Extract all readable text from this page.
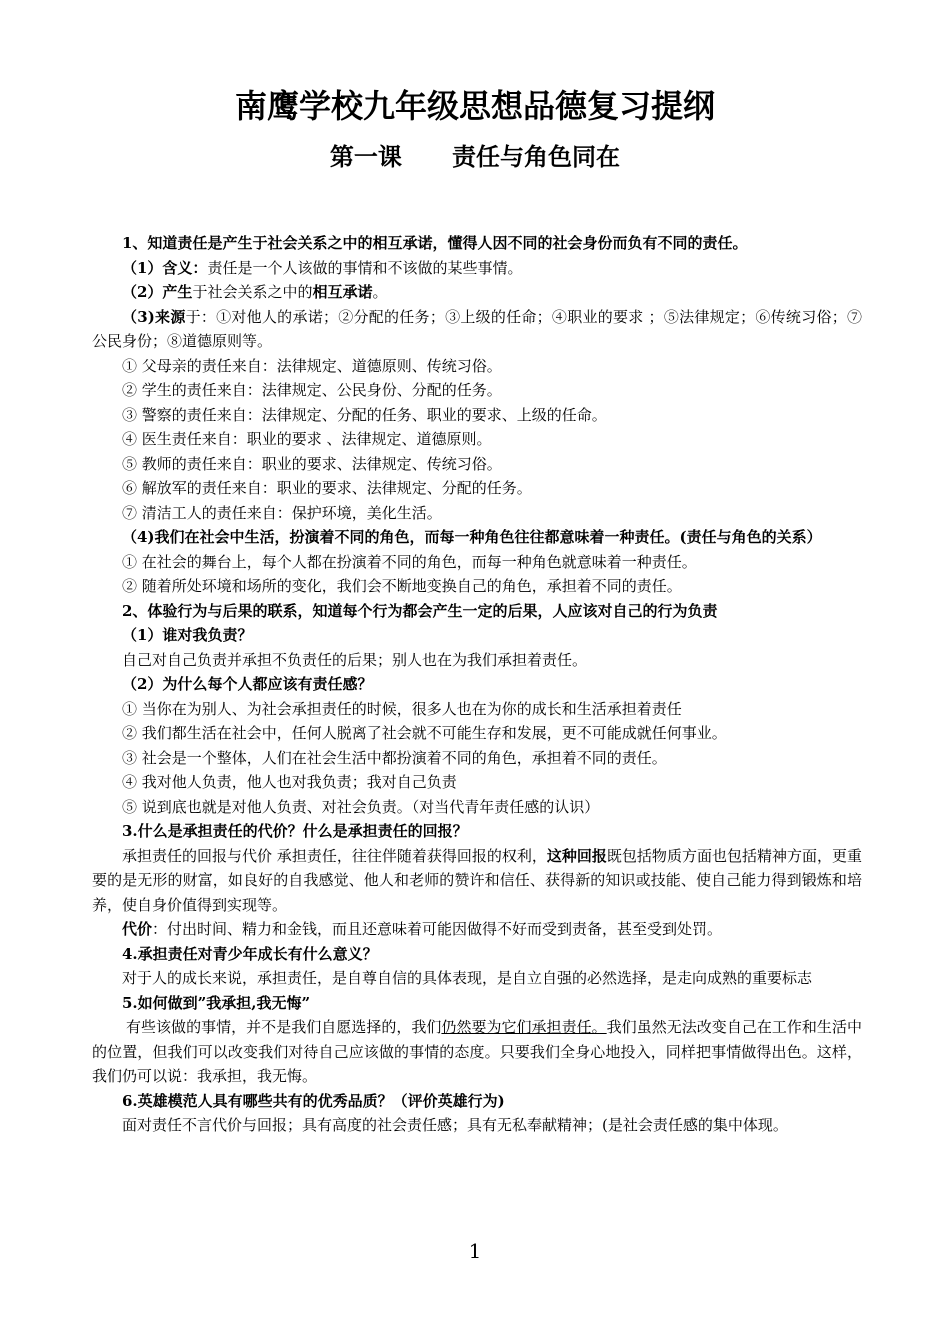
南鹰学校九年级思想品德复习提纲
第一课      责任与角色同在

1、知道责任是产生于社会关系之中的相互承诺，懂得人因不同的社会身份而负有不同的责任。

（1）含义：责任是一个人该做的事情和不该做的某些事情。

（2）产生于社会关系之中的相互承诺。

（3)来源于：①对他人的承诺；②分配的任务；③上级的任命；④职业的要求 ；⑤法律规定；⑥传统习俗；⑦公民身份；⑧道德原则等。

① 父母亲的责任来自：法律规定、道德原则、传统习俗。

② 学生的责任来自：法律规定、公民身份、分配的任务。

③ 警察的责任来自：法律规定、分配的任务、职业的要求、上级的任命。

④ 医生责任来自：职业的要求 、法律规定、道德原则。

⑤ 教师的责任来自：职业的要求、法律规定、传统习俗。

⑥ 解放军的责任来自：职业的要求、法律规定、分配的任务。

⑦ 清洁工人的责任来自：保护环境，美化生活。

（4)我们在社会中生活，扮演着不同的角色，而每一种角色往往都意味着一种责任。(责任与角色的关系）

① 在社会的舞台上，每个人都在扮演着不同的角色，而每一种角色就意味着一种责任。

② 随着所处环境和场所的变化，我们会不断地变换自己的角色，承担着不同的责任。

2、体验行为与后果的联系，知道每个行为都会产生一定的后果，人应该对自己的行为负责

（1）谁对我负责？

自己对自己负责并承担不负责任的后果；别人也在为我们承担着责任。

（2）为什么每个人都应该有责任感？

① 当你在为别人、为社会承担责任的时候，很多人也在为你的成长和生活承担着责任

② 我们都生活在社会中，任何人脱离了社会就不可能生存和发展，更不可能成就任何事业。

③ 社会是一个整体，人们在社会生活中都扮演着不同的角色，承担着不同的责任。

④ 我对他人负责，他人也对我负责；我对自己负责

⑤ 说到底也就是对他人负责、对社会负责。（对当代青年责任感的认识）

3.什么是承担责任的代价？什么是承担责任的回报？

承担责任的回报与代价 承担责任，往往伴随着获得回报的权利，这种回报既包括物质方面也包括精神方面，更重要的是无形的财富，如良好的自我感觉、他人和老师的赞许和信任、获得新的知识或技能、使自己能力得到锻炼和培养，使自身价值得到实现等。

代价：付出时间、精力和金钱，而且还意味着可能因做得不好而受到责备，甚至受到处罚。

4.承担责任对青少年成长有什么意义？

对于人的成长来说，承担责任，是自尊自信的具体表现，是自立自强的必然选择，是走向成熟的重要标志

5.如何做到”我承担,我无悔”

有些该做的事情，并不是我们自愿选择的，我们仍然要为它们承担责任。我们虽然无法改变自己在工作和生活中的位置，但我们可以改变我们对待自己应该做的事情的态度。只要我们全身心地投入，同样把事情做得出色。这样，我们仍可以说：我承担，我无悔。

6.英雄模范人具有哪些共有的优秀品质？（评价英雄行为)

面对责任不言代价与回报；具有高度的社会责任感；具有无私奉献精神；(是社会责任感的集中体现。

1
